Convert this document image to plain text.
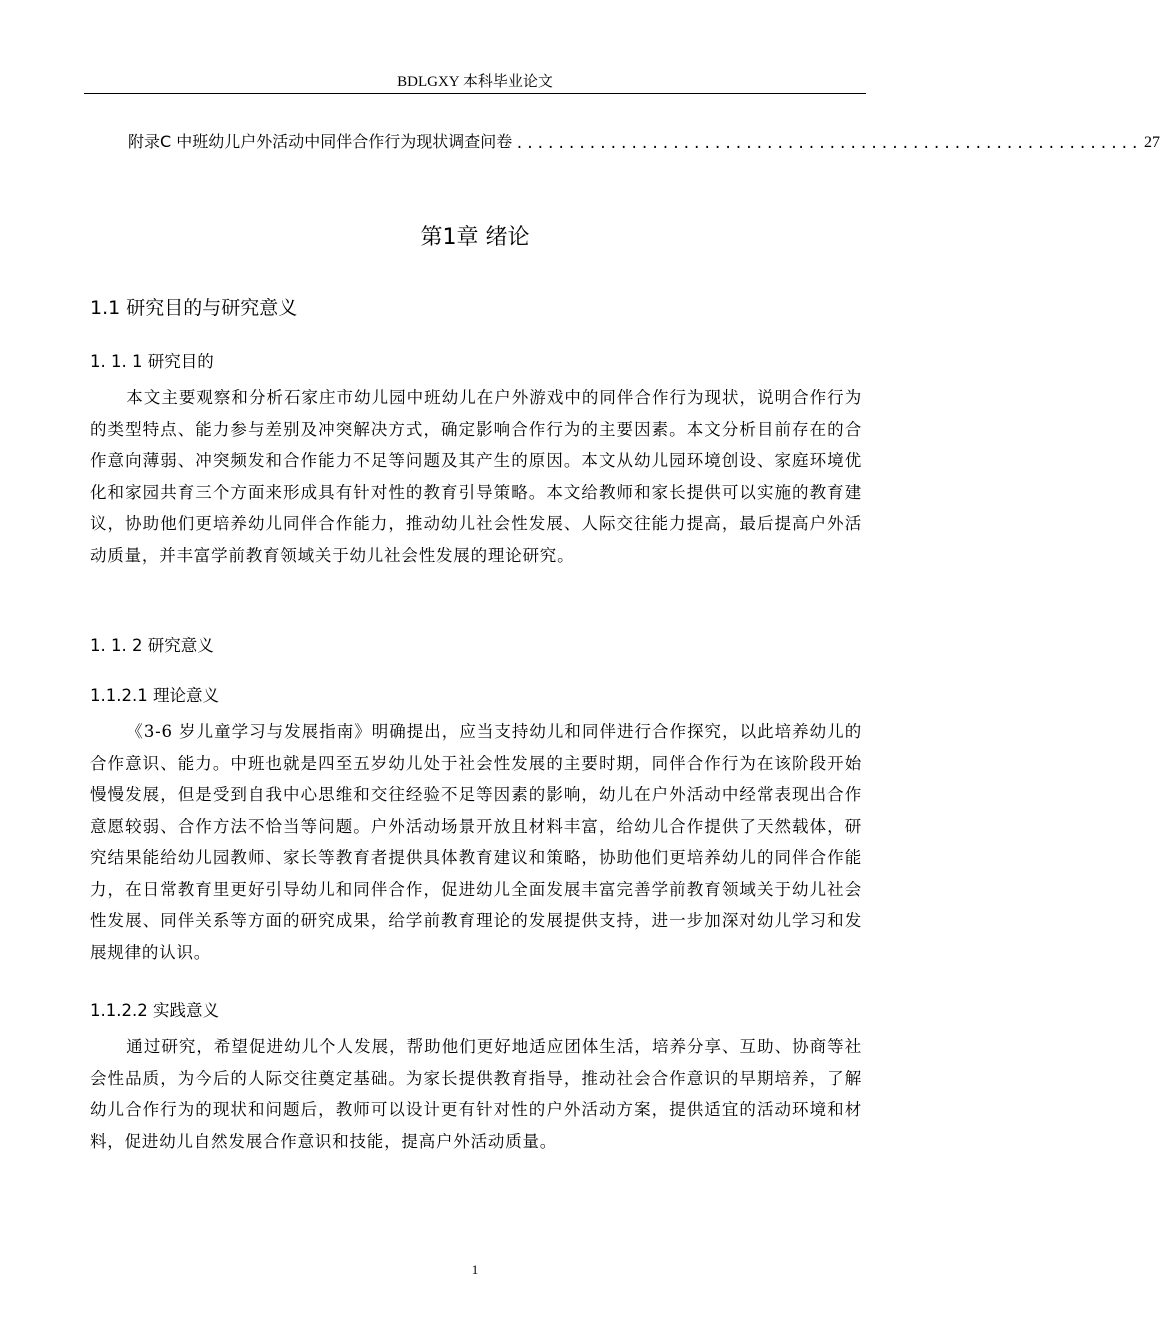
BDLGXY 本科毕业论文
附录C 中班幼儿户外活动中同伴合作行为现状调查问卷 ............................................................ 27
第1章 绪论
1.1 研究目的与研究意义
1. 1. 1 研究目的

本文主要观察和分析石家庄市幼儿园中班幼儿在户外游戏中的同伴合作行为现状，说明合作行为的类型特点、能力参与差别及冲突解决方式，确定影响合作行为的主要因素。本文分析目前存在的合作意向薄弱、冲突频发和合作能力不足等问题及其产生的原因。本文从幼儿园环境创设、家庭环境优化和家园共育三个方面来形成具有针对性的教育引导策略。本文给教师和家长提供可以实施的教育建议，协助他们更培养幼儿同伴合作能力，推动幼儿社会性发展、人际交往能力提高，最后提高户外活动质量，并丰富学前教育领域关于幼儿社会性发展的理论研究。

1. 1. 2 研究意义
1.1.2.1 理论意义

《3-6 岁儿童学习与发展指南》明确提出，应当支持幼儿和同伴进行合作探究，以此培养幼儿的合作意识、能力。中班也就是四至五岁幼儿处于社会性发展的主要时期，同伴合作行为在该阶段开始慢慢发展，但是受到自我中心思维和交往经验不足等因素的影响，幼儿在户外活动中经常表现出合作意愿较弱、合作方法不恰当等问题。户外活动场景开放且材料丰富，给幼儿合作提供了天然载体，研究结果能给幼儿园教师、家长等教育者提供具体教育建议和策略，协助他们更培养幼儿的同伴合作能力，在日常教育里更好引导幼儿和同伴合作，促进幼儿全面发展丰富完善学前教育领域关于幼儿社会性发展、同伴关系等方面的研究成果，给学前教育理论的发展提供支持，进一步加深对幼儿学习和发展规律的认识。

1.1.2.2 实践意义

通过研究，希望促进幼儿个人发展，帮助他们更好地适应团体生活，培养分享、互助、协商等社会性品质，为今后的人际交往奠定基础。为家长提供教育指导，推动社会合作意识的早期培养，了解幼儿合作行为的现状和问题后，教师可以设计更有针对性的户外活动方案，提供适宜的活动环境和材料，促进幼儿自然发展合作意识和技能，提高户外活动质量。

1
